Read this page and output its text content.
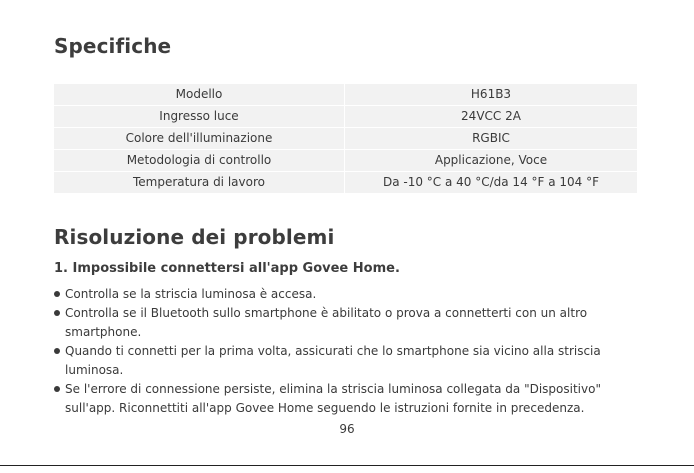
Specifiche
Modello	H61B3
Ingresso luce	24VCC 2A
Colore dell'illuminazione	RGBIC
Metodologia di controllo	Applicazione, Voce
Temperatura di lavoro	Da -10 °C a 40 °C/da 14 °F a 104 °F
Risoluzione dei problemi
1. Impossibile connettersi all'app Govee Home.
Controlla se la striscia luminosa è accesa.
Controlla se il Bluetooth sullo smartphone è abilitato o prova a connetterti con un altro smartphone.
Quando ti connetti per la prima volta, assicurati che lo smartphone sia vicino alla striscia luminosa.
Se l'errore di connessione persiste, elimina la striscia luminosa collegata da "Dispositivo" sull'app. Riconnettiti all'app Govee Home seguendo le istruzioni fornite in precedenza.
96
